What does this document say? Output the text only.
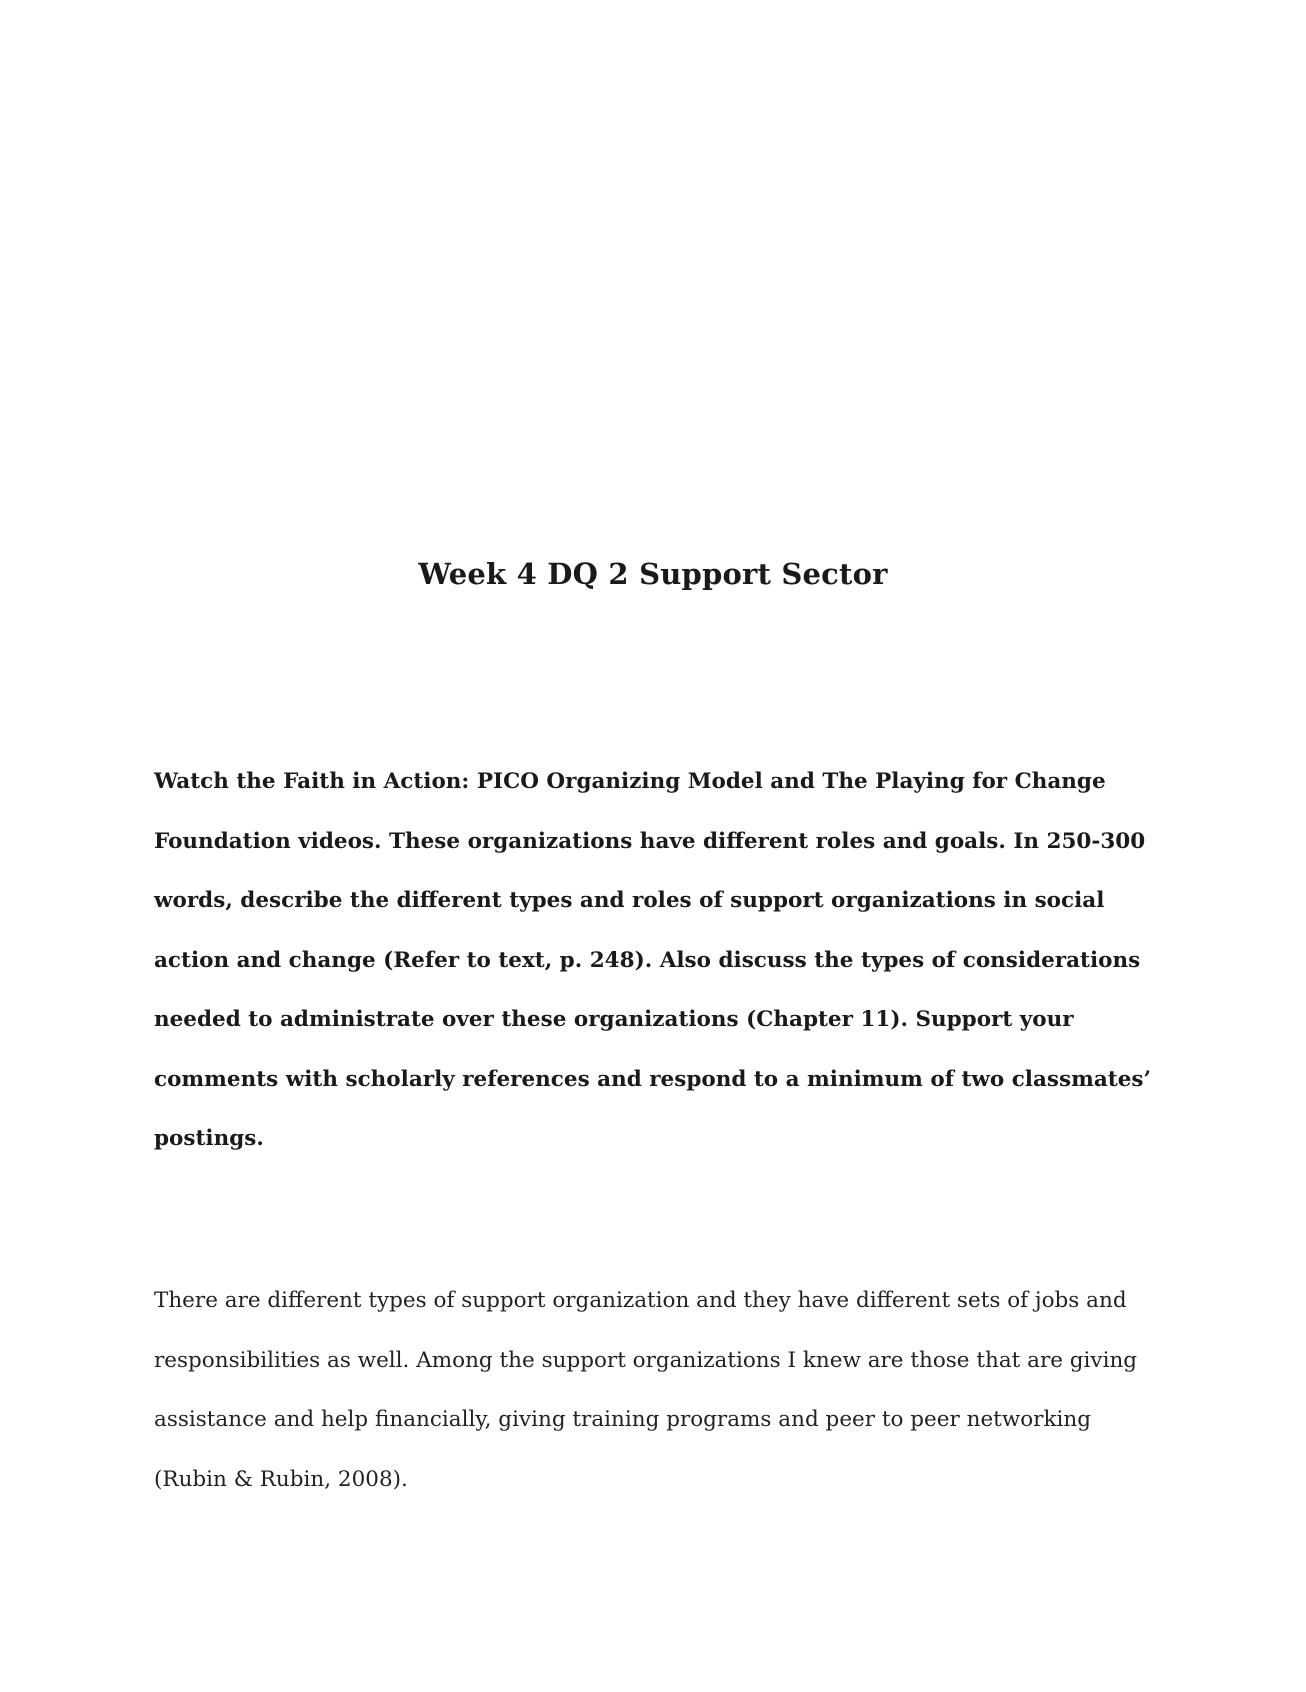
Week 4 DQ 2 Support Sector

Watch the Faith in Action: PICO Organizing Model and The Playing for Change
Foundation videos. These organizations have different roles and goals. In 250-300
words, describe the different types and roles of support organizations in social
action and change (Refer to text, p. 248). Also discuss the types of considerations
needed to administrate over these organizations (Chapter 11). Support your
comments with scholarly references and respond to a minimum of two classmates’
postings.

There are different types of support organization and they have different sets of jobs and
responsibilities as well. Among the support organizations I knew are those that are giving
assistance and help financially, giving training programs and peer to peer networking
(Rubin & Rubin, 2008).
